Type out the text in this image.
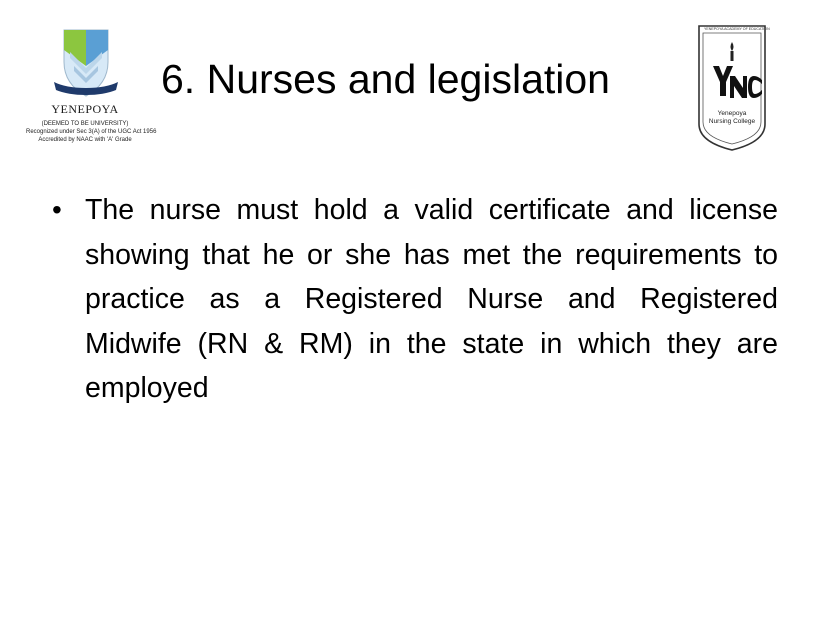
YENEPOYA
(DEEMED TO BE UNIVERSITY)
Recognized under Sec 3(A) of the UGC Act 1956
Accredited by NAAC with 'A' Grade
6. Nurses and legislation
YENEPOYA ACADEMY OF EDUCATION
Yenepoya
Nursing College
• The nurse must hold a valid certificate and license showing that he or she has met the requirements to practice as a Registered Nurse and Registered Midwife (RN & RM) in the state in which they are employed
